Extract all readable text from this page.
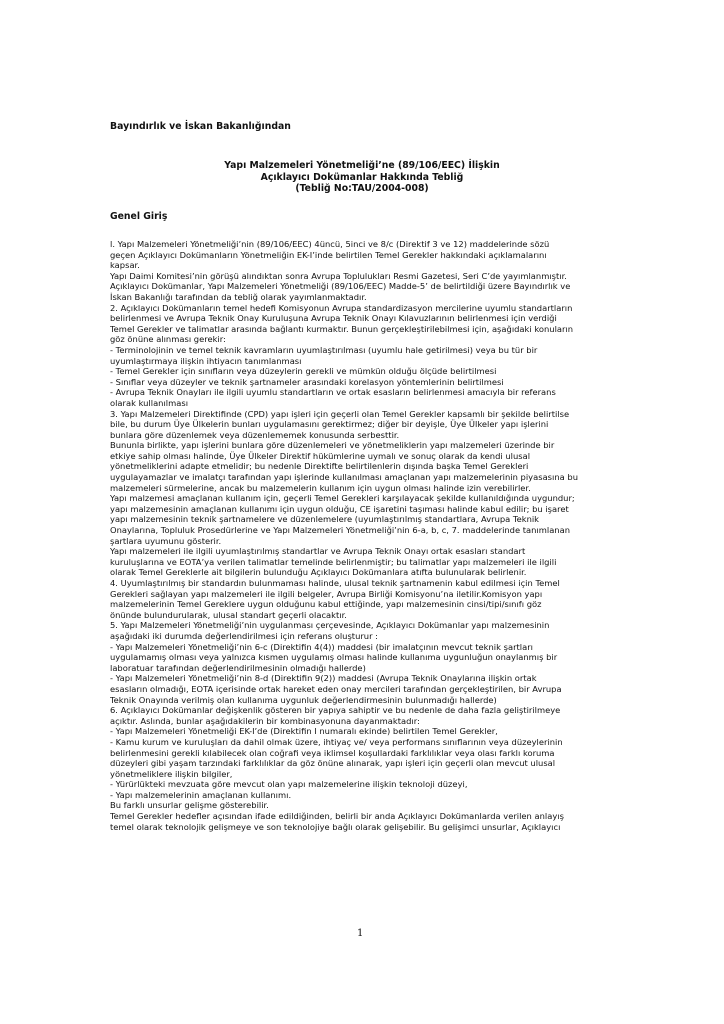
Bayındırlık ve İskan Bakanlığından

Yapı Malzemeleri Yönetmeliği’ne (89/106/EEC) İlişkin
Açıklayıcı Dokümanlar Hakkında Tebliğ
(Tebliğ No:TAU/2004-008)

Genel Giriş

l. Yapı Malzemeleri Yönetmeliği’nin (89/106/EEC) 4üncü, 5inci ve 8/c (Direktif 3 ve 12) maddelerinde sözü
geçen Açıklayıcı Dokümanların Yönetmeliğin EK-I’inde belirtilen Temel Gerekler hakkındaki açıklamalarını
kapsar.
Yapı Daimi Komitesi’nin görüşü alındıktan sonra Avrupa Toplulukları Resmi Gazetesi, Seri C’de yayımlanmıştır.
Açıklayıcı Dokümanlar, Yapı Malzemeleri Yönetmeliği (89/106/EEC) Madde-5’ de belirtildiği üzere Bayındırlık ve
İskan Bakanlığı tarafından da tebliğ olarak yayımlanmaktadır.
2. Açıklayıcı Dokümanların temel hedefi Komisyonun Avrupa standardizasyon mercilerine uyumlu standartların
belirlenmesi ve Avrupa Teknik Onay Kuruluşuna Avrupa Teknik Onayı Kılavuzlarının belirlenmesi için verdiği
Temel Gerekler ve talimatlar arasında bağlantı kurmaktır. Bunun gerçekleştirilebilmesi için, aşağıdaki konuların
göz önüne alınması gerekir:
- Terminolojinin ve temel teknik kavramların uyumlaştırılması (uyumlu hale getirilmesi) veya bu tür bir
uyumlaştırmaya ilişkin ihtiyacın tanımlanması
- Temel Gerekler için sınıfların veya düzeylerin gerekli ve mümkün olduğu ölçüde belirtilmesi
- Sınıflar veya düzeyler ve teknik şartnameler arasındaki korelasyon yöntemlerinin belirtilmesi
- Avrupa Teknik Onayları ile ilgili uyumlu standartların ve ortak esasların belirlenmesi amacıyla bir referans
olarak kullanılması
3. Yapı Malzemeleri Direktifinde (CPD) yapı işleri için geçerli olan Temel Gerekler kapsamlı bir şekilde belirtilse
bile, bu durum Üye Ülkelerin bunları uygulamasını gerektirmez; diğer bir deyişle, Üye Ülkeler yapı işlerini
bunlara göre düzenlemek veya düzenlememek konusunda serbesttir.
Bununla birlikte, yapı işlerini bunlara göre düzenlemeleri ve yönetmeliklerin yapı malzemeleri üzerinde bir
etkiye sahip olması halinde, Üye Ülkeler Direktif hükümlerine uymalı ve sonuç olarak da kendi ulusal
yönetmeliklerini adapte etmelidir; bu nedenle Direktifte belirtilenlerin dışında başka Temel Gerekleri
uygulayamazlar ve imalatçı tarafından yapı işlerinde kullanılması amaçlanan yapı malzemelerinin piyasasına bu
malzemeleri sürmelerine, ancak bu malzemelerin kullanım için uygun olması halinde izin verebilirler.
Yapı malzemesi amaçlanan kullanım için, geçerli Temel Gerekleri karşılayacak şekilde kullanıldığında uygundur;
yapı malzemesinin amaçlanan kullanımı için uygun olduğu, CE işaretini taşıması halinde kabul edilir; bu işaret
yapı malzemesinin teknik şartnamelere ve düzenlemelere (uyumlaştırılmış standartlara, Avrupa Teknik
Onaylarına, Topluluk Prosedürlerine ve Yapı Malzemeleri Yönetmeliği’nin 6-a, b, c, 7. maddelerinde tanımlanan
şartlara uyumunu gösterir.
Yapı malzemeleri ile ilgili uyumlaştırılmış standartlar ve Avrupa Teknik Onayı ortak esasları standart
kuruluşlarına ve EOTA’ya verilen talimatlar temelinde belirlenmiştir; bu talimatlar yapı malzemeleri ile ilgili
olarak Temel Gereklerle ait bilgilerin bulunduğu Açıklayıcı Dokümanlara atıfta bulunularak belirlenir.
4. Uyumlaştırılmış bir standardın bulunmaması halinde, ulusal teknik şartnamenin kabul edilmesi için Temel
Gerekleri sağlayan yapı malzemeleri ile ilgili belgeler, Avrupa Birliği Komisyonu’na iletilir.Komisyon yapı
malzemelerinin Temel Gereklere uygun olduğunu kabul ettiğinde, yapı malzemesinin cinsi/tipi/sınıfı göz
önünde bulundurularak, ulusal standart geçerli olacaktır.
5. Yapı Malzemeleri Yönetmeliği’nin uygulanması çerçevesinde, Açıklayıcı Dokümanlar yapı malzemesinin
aşağıdaki iki durumda değerlendirilmesi için referans oluşturur :
- Yapı Malzemeleri Yönetmeliği’nin 6-c (Direktifin 4(4)) maddesi (bir imalatçının mevcut teknik şartları
uygulamamış olması veya yalnızca kısmen uygulamış olması halinde kullanıma uygunluğun onaylanmış bir
laboratuar tarafından değerlendirilmesinin olmadığı hallerde)
- Yapı Malzemeleri Yönetmeliği’nin 8-d (Direktifin 9(2)) maddesi (Avrupa Teknik Onaylarına ilişkin ortak
esasların olmadığı, EOTA içerisinde ortak hareket eden onay mercileri tarafından gerçekleştirilen, bir Avrupa
Teknik Onayında verilmiş olan kullanıma uygunluk değerlendirmesinin bulunmadığı hallerde)
6. Açıklayıcı Dokümanlar değişkenlik gösteren bir yapıya sahiptir ve bu nedenle de daha fazla geliştirilmeye
açıktır. Aslında, bunlar aşağıdakilerin bir kombinasyonuna dayanmaktadır:
- Yapı Malzemeleri Yönetmeliği EK-I’de (Direktifin I numaralı ekinde) belirtilen Temel Gerekler,
- Kamu kurum ve kuruluşları da dahil olmak üzere, ihtiyaç ve/ veya performans sınıflarının veya düzeylerinin
belirlenmesini gerekli kılabilecek olan coğrafi veya iklimsel koşullardaki farklılıklar veya olası farklı koruma
düzeyleri gibi yaşam tarzındaki farklılıklar da göz önüne alınarak, yapı işleri için geçerli olan mevcut ulusal
yönetmeliklere ilişkin bilgiler,
- Yürürlükteki mevzuata göre mevcut olan yapı malzemelerine ilişkin teknoloji düzeyi,
- Yapı malzemelerinin amaçlanan kullanımı.
Bu farklı unsurlar gelişme gösterebilir.
Temel Gerekler hedefler açısından ifade edildiğinden, belirli bir anda Açıklayıcı Dokümanlarda verilen anlayış
temel olarak teknolojik gelişmeye ve son teknolojiye bağlı olarak gelişebilir. Bu gelişimci unsurlar, Açıklayıcı
1
